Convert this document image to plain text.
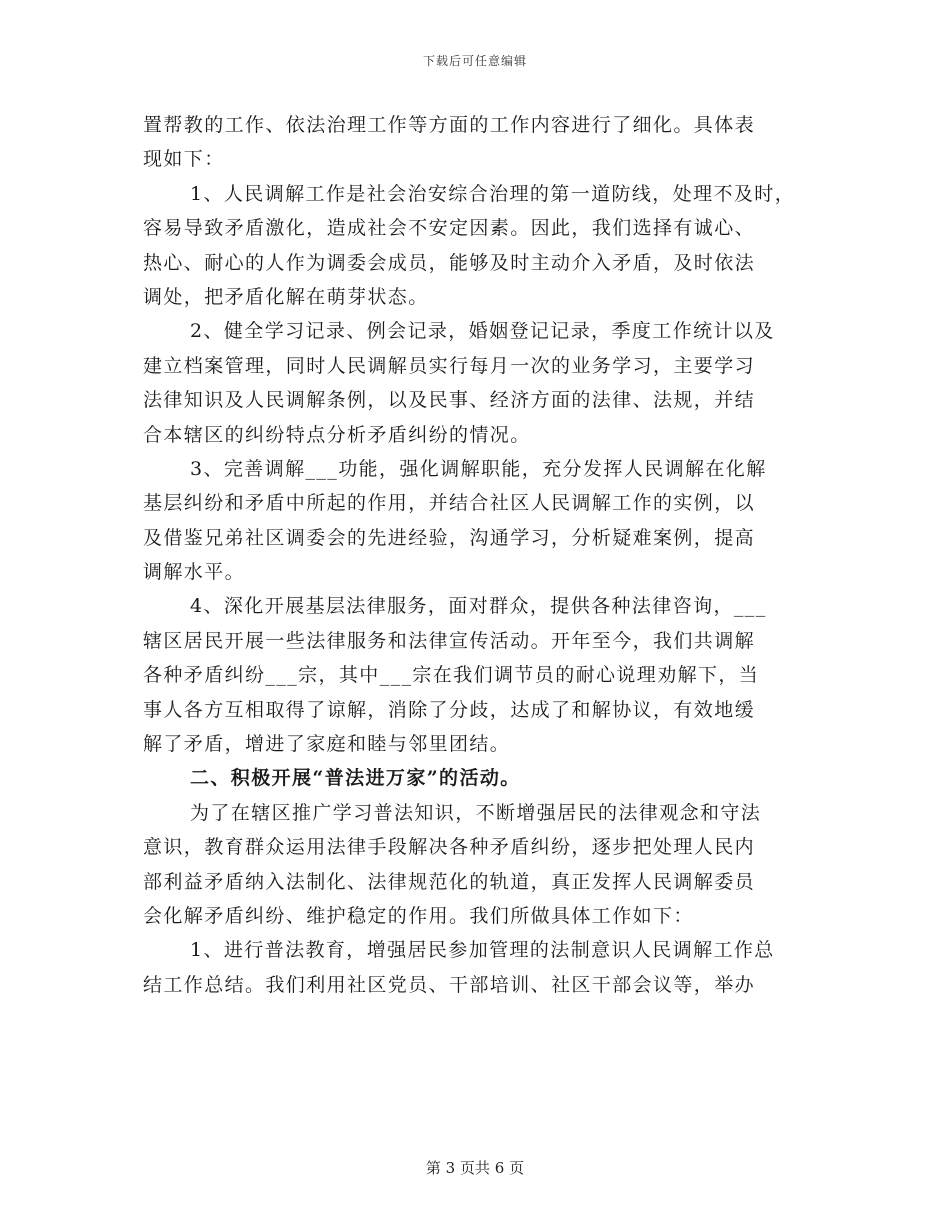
下载后可任意编辑
置帮教的工作、依法治理工作等方面的工作内容进行了细化。具体表
现如下：
1、人民调解工作是社会治安综合治理的第一道防线，处理不及时，
容易导致矛盾激化，造成社会不安定因素。因此，我们选择有诚心、
热心、耐心的人作为调委会成员，能够及时主动介入矛盾，及时依法
调处，把矛盾化解在萌芽状态。
2、健全学习记录、例会记录，婚姻登记记录，季度工作统计以及
建立档案管理，同时人民调解员实行每月一次的业务学习，主要学习
法律知识及人民调解条例，以及民事、经济方面的法律、法规，并结
合本辖区的纠纷特点分析矛盾纠纷的情况。
3、完善调解___功能，强化调解职能，充分发挥人民调解在化解
基层纠纷和矛盾中所起的作用，并结合社区人民调解工作的实例，以
及借鉴兄弟社区调委会的先进经验，沟通学习，分析疑难案例，提高
调解水平。
4、深化开展基层法律服务，面对群众，提供各种法律咨询，___
辖区居民开展一些法律服务和法律宣传活动。开年至今，我们共调解
各种矛盾纠纷___宗，其中___宗在我们调节员的耐心说理劝解下，当
事人各方互相取得了谅解，消除了分歧，达成了和解协议，有效地缓
解了矛盾，增进了家庭和睦与邻里团结。
二、积极开展“普法进万家”的活动。
为了在辖区推广学习普法知识，不断增强居民的法律观念和守法
意识，教育群众运用法律手段解决各种矛盾纠纷，逐步把处理人民内
部利益矛盾纳入法制化、法律规范化的轨道，真正发挥人民调解委员
会化解矛盾纠纷、维护稳定的作用。我们所做具体工作如下：
1、进行普法教育，增强居民参加管理的法制意识人民调解工作总
结工作总结。我们利用社区党员、干部培训、社区干部会议等，举办
第 3 页共 6 页
